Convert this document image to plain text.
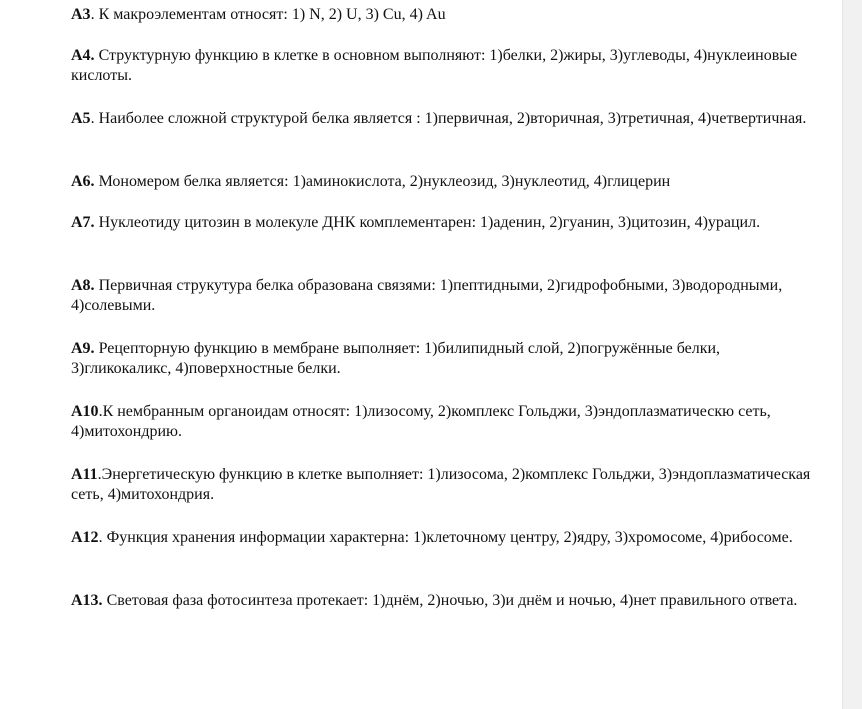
А3. К макроэлементам относят: 1) N, 2) U, 3) Cu, 4) Au

А4. Структурную функцию в клетке в основном выполняют: 1)белки, 2)жиры, 3)углеводы, 4)нуклеиновые кислоты.

А5. Наиболее сложной структурой белка является : 1)первичная, 2)вторичная, 3)третичная, 4)четвертичная.

А6. Мономером белка является: 1)аминокислота, 2)нуклеозид, 3)нуклеотид, 4)глицерин

А7. Нуклеотиду цитозин в молекуле ДНК комплементарен: 1)аденин, 2)гуанин, 3)цитозин, 4)урацил.

А8. Первичная струкутура белка образована связями: 1)пептидными, 2)гидрофобными, 3)водородными, 4)солевыми.

А9. Рецепторную функцию в мембране выполняет: 1)билипидный слой, 2)погружённые белки, 3)гликокаликс, 4)поверхностные белки.

А10.К нембранным органоидам относят: 1)лизосому, 2)комплекс Гольджи, 3)эндоплазматическю сеть, 4)митохондрию.

А11.Энергетическую функцию в клетке выполняет: 1)лизосома, 2)комплекс Гольджи, 3)эндоплазматическая сеть, 4)митохондрия.

А12. Функция хранения информации характерна: 1)клеточному центру, 2)ядру, 3)хромосоме, 4)рибосоме.

А13. Световая фаза фотосинтеза протекает: 1)днём, 2)ночью, 3)и днём и ночью, 4)нет правильного ответа.
